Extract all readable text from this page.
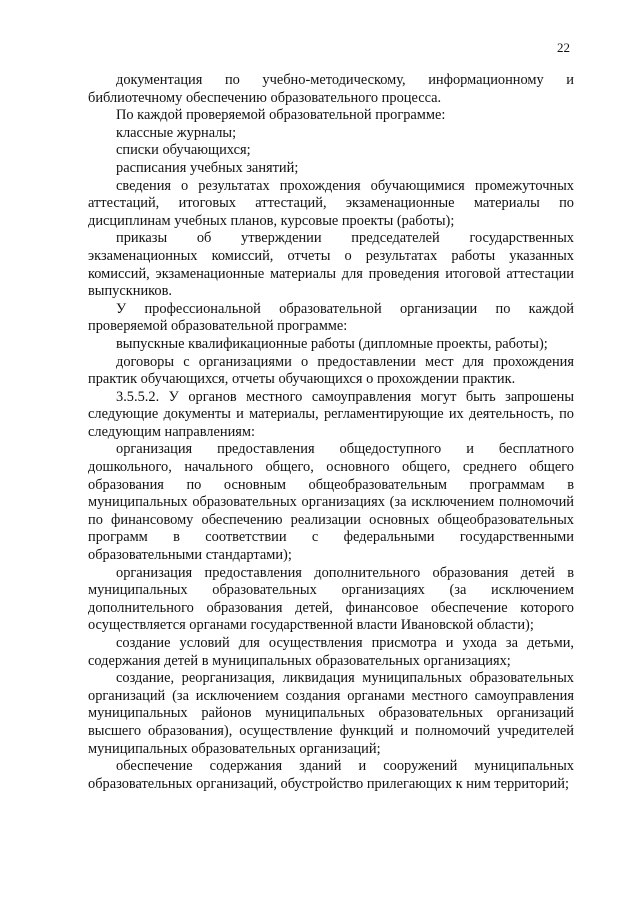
22

документация по учебно-методическому, информационному и библиотечному обеспечению образовательного процесса.

По каждой проверяемой образовательной программе:

классные журналы;

списки обучающихся;

расписания учебных занятий;

сведения о результатах прохождения обучающимися промежуточных аттестаций, итоговых аттестаций, экзаменационные материалы по дисциплинам учебных планов, курсовые проекты (работы);

приказы об утверждении председателей государственных экзаменационных комиссий, отчеты о результатах работы указанных комиссий, экзаменационные материалы для проведения итоговой аттестации выпускников.

У профессиональной образовательной организации по каждой проверяемой образовательной программе:

выпускные квалификационные работы (дипломные проекты, работы);

договоры с организациями о предоставлении мест для прохождения практик обучающихся, отчеты обучающихся о прохождении практик.

3.5.5.2. У органов местного самоуправления могут быть запрошены следующие документы и материалы, регламентирующие их деятельность, по следующим направлениям:

организация предоставления общедоступного и бесплатного дошкольного, начального общего, основного общего, среднего общего образования по основным общеобразовательным программам в муниципальных образовательных организациях (за исключением полномочий по финансовому обеспечению реализации основных общеобразовательных программ в соответствии с федеральными государственными образовательными стандартами);

организация предоставления дополнительного образования детей в муниципальных образовательных организациях (за исключением дополнительного образования детей, финансовое обеспечение которого осуществляется органами государственной власти Ивановской области);

создание условий для осуществления присмотра и ухода за детьми, содержания детей в муниципальных образовательных организациях;

создание, реорганизация, ликвидация муниципальных образовательных организаций (за исключением создания органами местного самоуправления муниципальных районов муниципальных образовательных организаций высшего образования), осуществление функций и полномочий учредителей муниципальных образовательных организаций;

обеспечение содержания зданий и сооружений муниципальных образовательных организаций, обустройство прилегающих к ним территорий;
